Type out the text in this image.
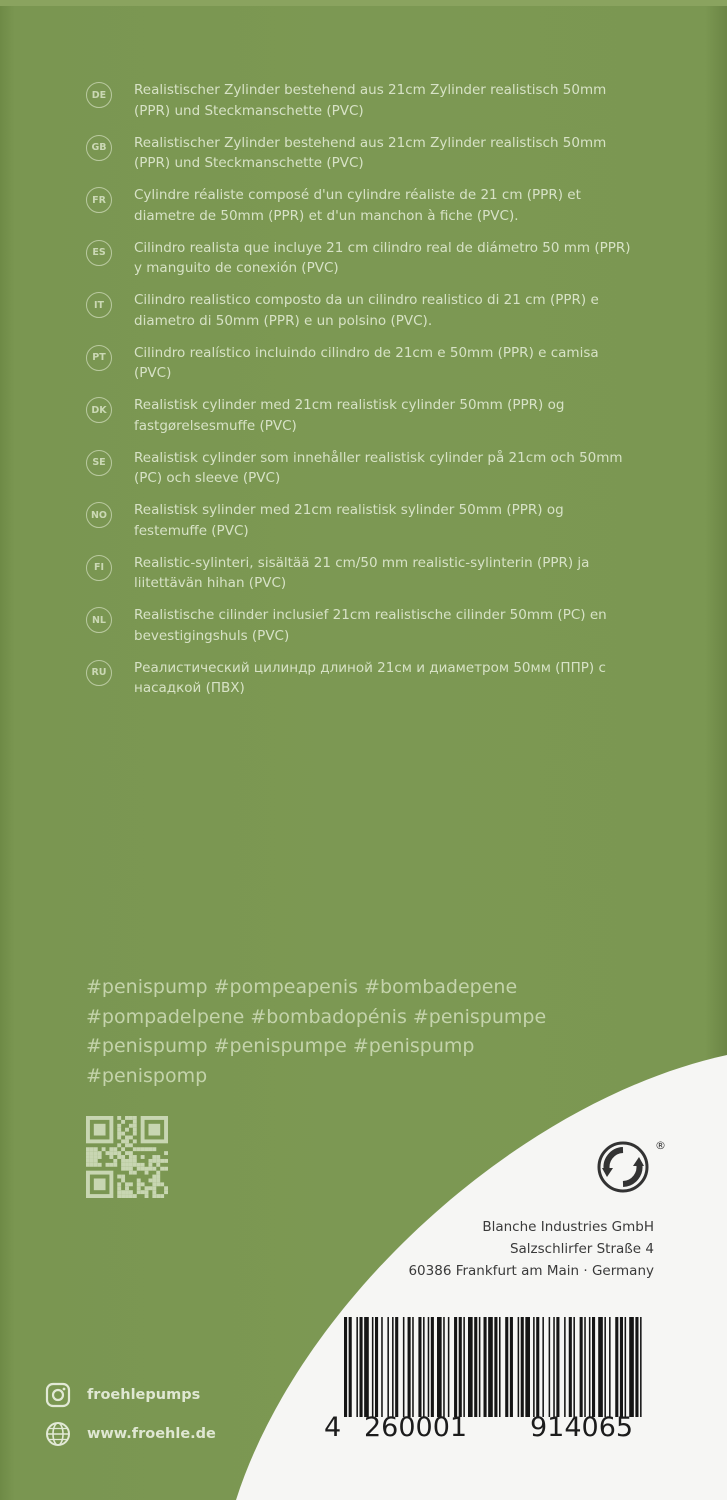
DE	Realistischer Zylinder bestehend aus 21cm Zylinder realistisch 50mm (PPR) und Steckmanschette (PVC)
GB	Realistischer Zylinder bestehend aus 21cm Zylinder realistisch 50mm (PPR) und Steckmanschette (PVC)
FR	Cylindre réaliste composé d'un cylindre réaliste de 21 cm (PPR) et diametre de 50mm (PPR) et d'un manchon à fiche (PVC).
ES	Cilindro realista que incluye 21 cm cilindro real de diámetro 50 mm (PPR) y manguito de conexión (PVC)
IT	Cilindro realistico composto da un cilindro realistico di 21 cm (PPR) e diametro di 50mm (PPR) e un polsino (PVC).
PT	Cilindro realístico incluindo cilindro de 21cm e 50mm (PPR) e camisa (PVC)
DK	Realistisk cylinder med 21cm realistisk cylinder 50mm (PPR) og fastgørelsesmuffe (PVC)
SE	Realistisk cylinder som innehåller realistisk cylinder på 21cm och 50mm (PC) och sleeve (PVC)
NO	Realistisk sylinder med 21cm realistisk sylinder 50mm (PPR) og festemuffe (PVC)
FI	Realistic-sylinteri, sisältää 21 cm/50 mm realistic-sylinterin (PPR) ja liitettävän hihan (PVC)
NL	Realistische cilinder inclusief 21cm realistische cilinder 50mm (PC) en bevestigingshuls (PVC)
RU	Реалистический цилиндр длиной 21см и диаметром 50мм (ППР) с насадкой (ПВХ)
#penispump #pompeapenis #bombadepene
#pompadelpene #bombadopénis #penispumpe
#penispump #penispumpe #penispump
#penispomp
®
Blanche Industries GmbH
Salzschlirfer Straße 4
60386 Frankfurt am Main · Germany
4 260001 914065
froehlepumps
www.froehle.de
